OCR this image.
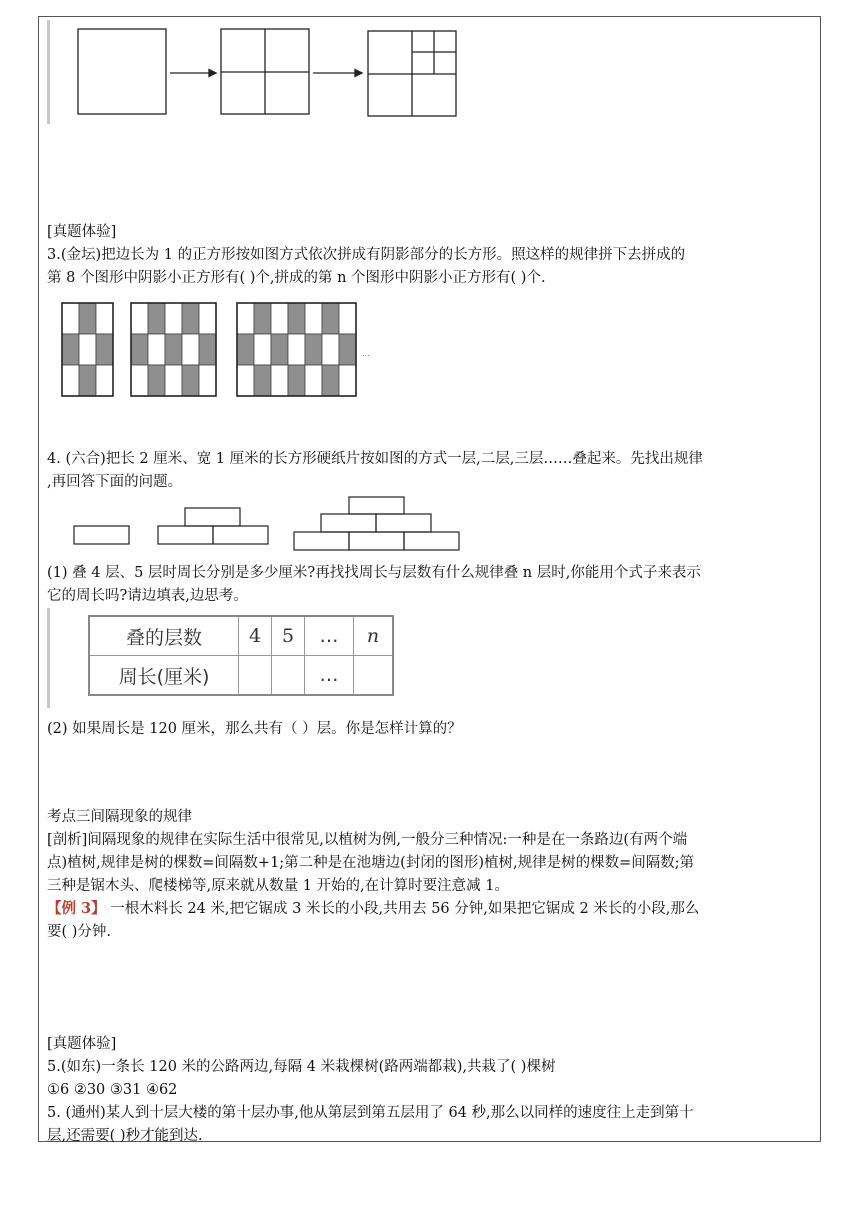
[真题体验]
3.(金坛)把边长为 1 的正方形按如图方式依次拼成有阴影部分的长方形。照这样的规律拼下去拼成的
第 8 个图形中阴影小正方形有( )个,拼成的第 n 个图形中阴影小正方形有( )个.
...
4. (六合)把长 2 厘米、宽 1 厘米的长方形硬纸片按如图的方式一层,二层,三层……叠起来。先找出规律
,再回答下面的问题。
(1) 叠 4 层、5 层时周长分别是多少厘米?再找找周长与层数有什么规律叠 n 层时,你能用个式子来表示
它的周长吗?请边填表,边思考。
叠的层数	4	5	…	n
周长(厘米)			…	
(2) 如果周长是 120 厘米，那么共有（ ）层。你是怎样计算的？
考点三间隔现象的规律
[剖析]间隔现象的规律在实际生活中很常见,以植树为例,一般分三种情况:一种是在一条路边(有两个端
点)植树,规律是树的棵数=间隔数+1;第二种是在池塘边(封闭的图形)植树,规律是树的棵数=间隔数;第
三种是锯木头、爬楼梯等,原来就从数量 1 开始的,在计算时要注意减 1。
【例 3】 一根木料长 24 米,把它锯成 3 米长的小段,共用去 56 分钟,如果把它锯成 2 米长的小段,那么
要( )分钟.
[真题体验]
5.(如东)一条长 120 米的公路两边,每隔 4 米栽棵树(路两端都栽),共栽了( )棵树
①6 ②30 ③31 ④62
5. (通州)某人到十层大楼的第十层办事,他从第层到第五层用了 64 秒,那么以同样的速度往上走到第十
层,还需要( )秒才能到达.
